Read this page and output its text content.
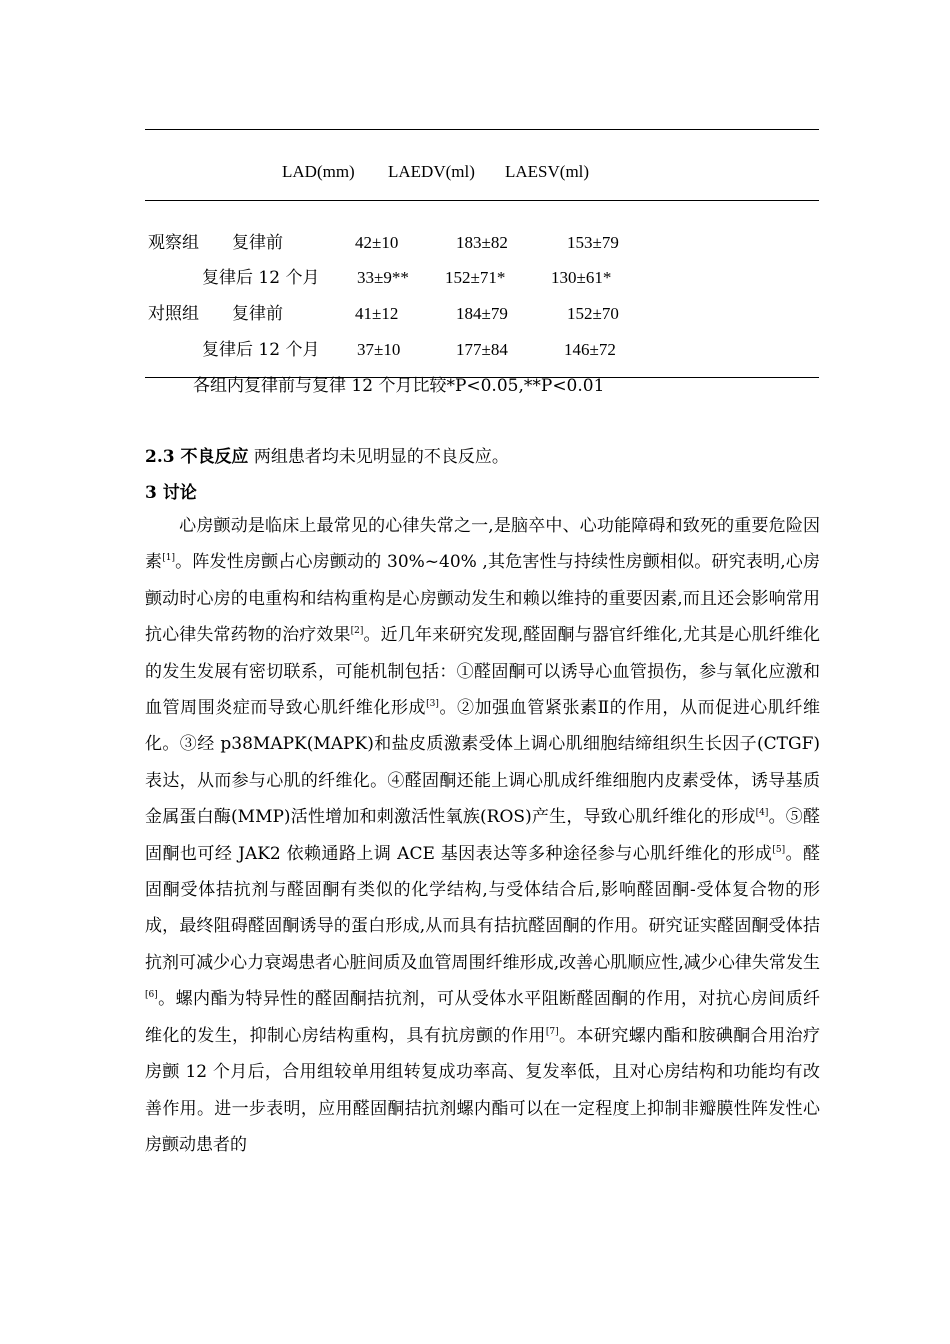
LAD(mm) LAEDV(ml) LAESV(ml)
观察组 复律前	42±10	183±82	153±79
复律后 12 个月 33±9** 152±71*	130±61*
对照组 复律前	41±12	184±79	152±70
复律后 12 个月 37±10	177±84	146±72
各组内复律前与复律 12 个月比较*P<0.05,**P<0.01
2.3 不良反应 两组患者均未见明显的不良反应。
3 讨论
心房颤动是临床上最常见的心律失常之一,是脑卒中、心功能障碍和致死的重要危险因素[1]。阵发性房颤占心房颤动的 30%~40% ,其危害性与持续性房颤相似。研究表明,心房颤动时心房的电重构和结构重构是心房颤动发生和赖以维持的重要因素,而且还会影响常用抗心律失常药物的治疗效果[2]。近几年来研究发现,醛固酮与器官纤维化,尤其是心肌纤维化的发生发展有密切联系，可能机制包括：①醛固酮可以诱导心血管损伤，参与氧化应激和血管周围炎症而导致心肌纤维化形成[3]。②加强血管紧张素Ⅱ的作用，从而促进心肌纤维化。③经 p38MAPK(MAPK)和盐皮质激素受体上调心肌细胞结缔组织生长因子(CTGF)表达，从而参与心肌的纤维化。④醛固酮还能上调心肌成纤维细胞内皮素受体，诱导基质金属蛋白酶(MMP)活性增加和刺激活性氧族(ROS)产生，导致心肌纤维化的形成[4]。⑤醛固酮也可经 JAK2 依赖通路上调 ACE 基因表达等多种途径参与心肌纤维化的形成[5]。醛固酮受体拮抗剂与醛固酮有类似的化学结构,与受体结合后,影响醛固酮-受体复合物的形成，最终阻碍醛固酮诱导的蛋白形成,从而具有拮抗醛固酮的作用。研究证实醛固酮受体拮抗剂可减少心力衰竭患者心脏间质及血管周围纤维形成,改善心肌顺应性,减少心律失常发生[6]。螺内酯为特异性的醛固酮拮抗剂，可从受体水平阻断醛固酮的作用，对抗心房间质纤维化的发生，抑制心房结构重构，具有抗房颤的作用[7]。本研究螺内酯和胺碘酮合用治疗房颤 12 个月后，合用组较单用组转复成功率高、复发率低，且对心房结构和功能均有改善作用。进一步表明，应用醛固酮拮抗剂螺内酯可以在一定程度上抑制非瓣膜性阵发性心房颤动患者的
